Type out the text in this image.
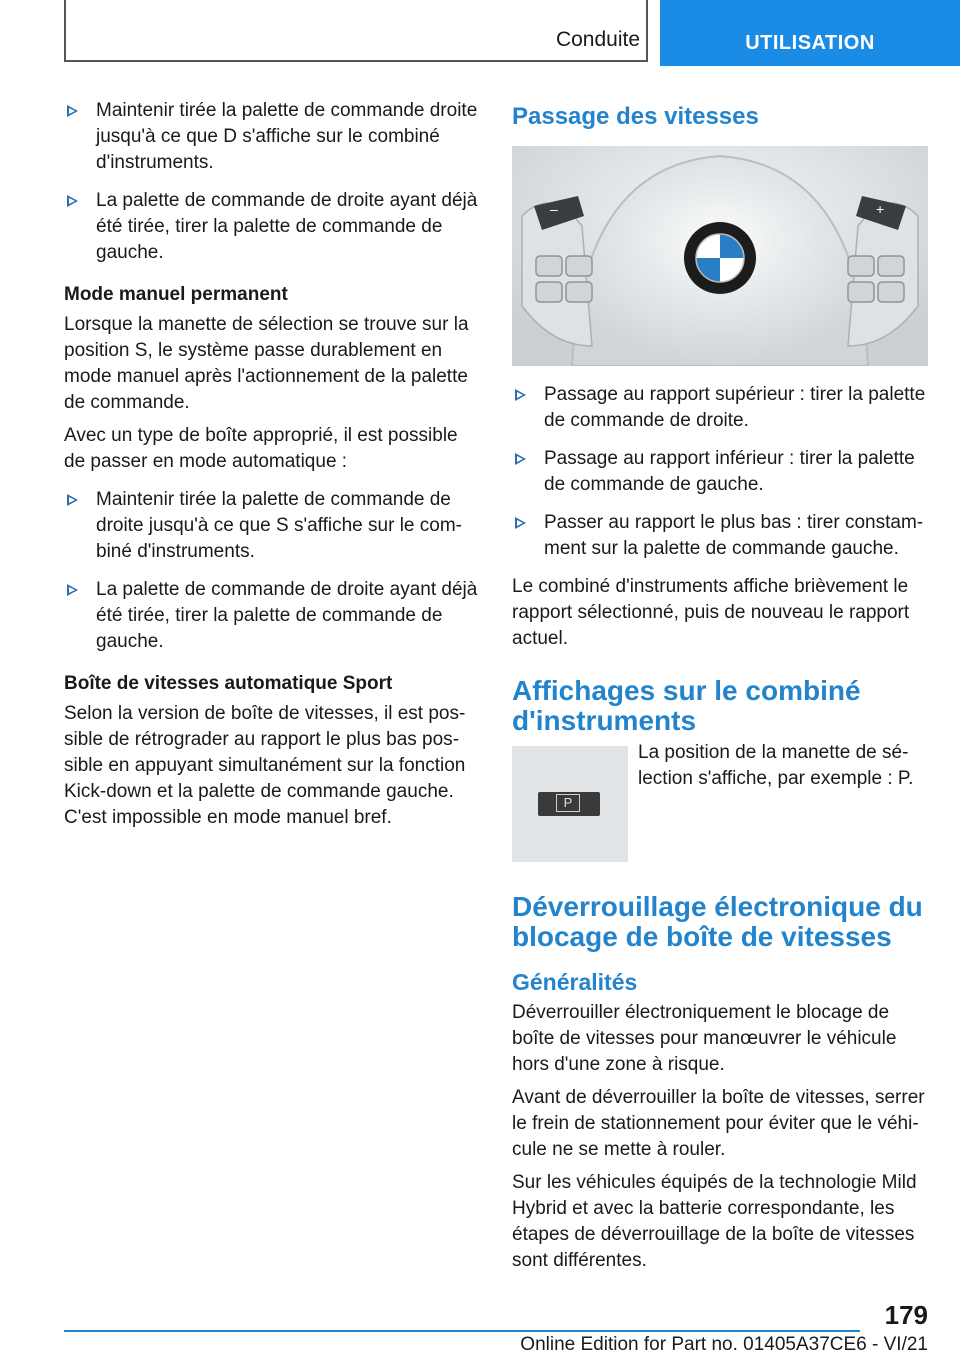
Conduite	UTILISATION
Maintenir tirée la palette de commande droite jusqu'à ce que D s'affiche sur le combiné d'instruments.
La palette de commande de droite ayant déjà été tirée, tirer la palette de commande de gauche.
Mode manuel permanent

Lorsque la manette de sélection se trouve sur la position S, le système passe durablement en mode manuel après l'actionnement de la palette de commande.

Avec un type de boîte approprié, il est possible de passer en mode automatique :

Maintenir tirée la palette de commande de droite jusqu'à ce que S s'affiche sur le combiné d'instruments.
La palette de commande de droite ayant déjà été tirée, tirer la palette de commande de gauche.
Boîte de vitesses automatique Sport

Selon la version de boîte de vitesses, il est possible de rétrograder au rapport le plus bas possible en appuyant simultanément sur la fonction Kick-down et la palette de commande gauche. C'est impossible en mode manuel bref.

Passage des vitesses
–	+
Passage au rapport supérieur : tirer la palette de commande de droite.
Passage au rapport inférieur : tirer la palette de commande de gauche.
Passer au rapport le plus bas : tirer constamment sur la palette de commande gauche.

Le combiné d'instruments affiche brièvement le rapport sélectionné, puis de nouveau le rapport actuel.

Affichages sur le combiné d'instruments
P
La position de la manette de sélection s'affiche, par exemple : P.
Déverrouillage électronique du blocage de boîte de vitesses
Généralités

Déverrouiller électroniquement le blocage de boîte de vitesses pour manœuvrer le véhicule hors d'une zone à risque.

Avant de déverrouiller la boîte de vitesses, serrer le frein de stationnement pour éviter que le véhicule ne se mette à rouler.

Sur les véhicules équipés de la technologie Mild Hybrid et avec la batterie correspondante, les étapes de déverrouillage de la boîte de vitesses sont différentes.

179
Online Edition for Part no. 01405A37CE6 - VI/21
